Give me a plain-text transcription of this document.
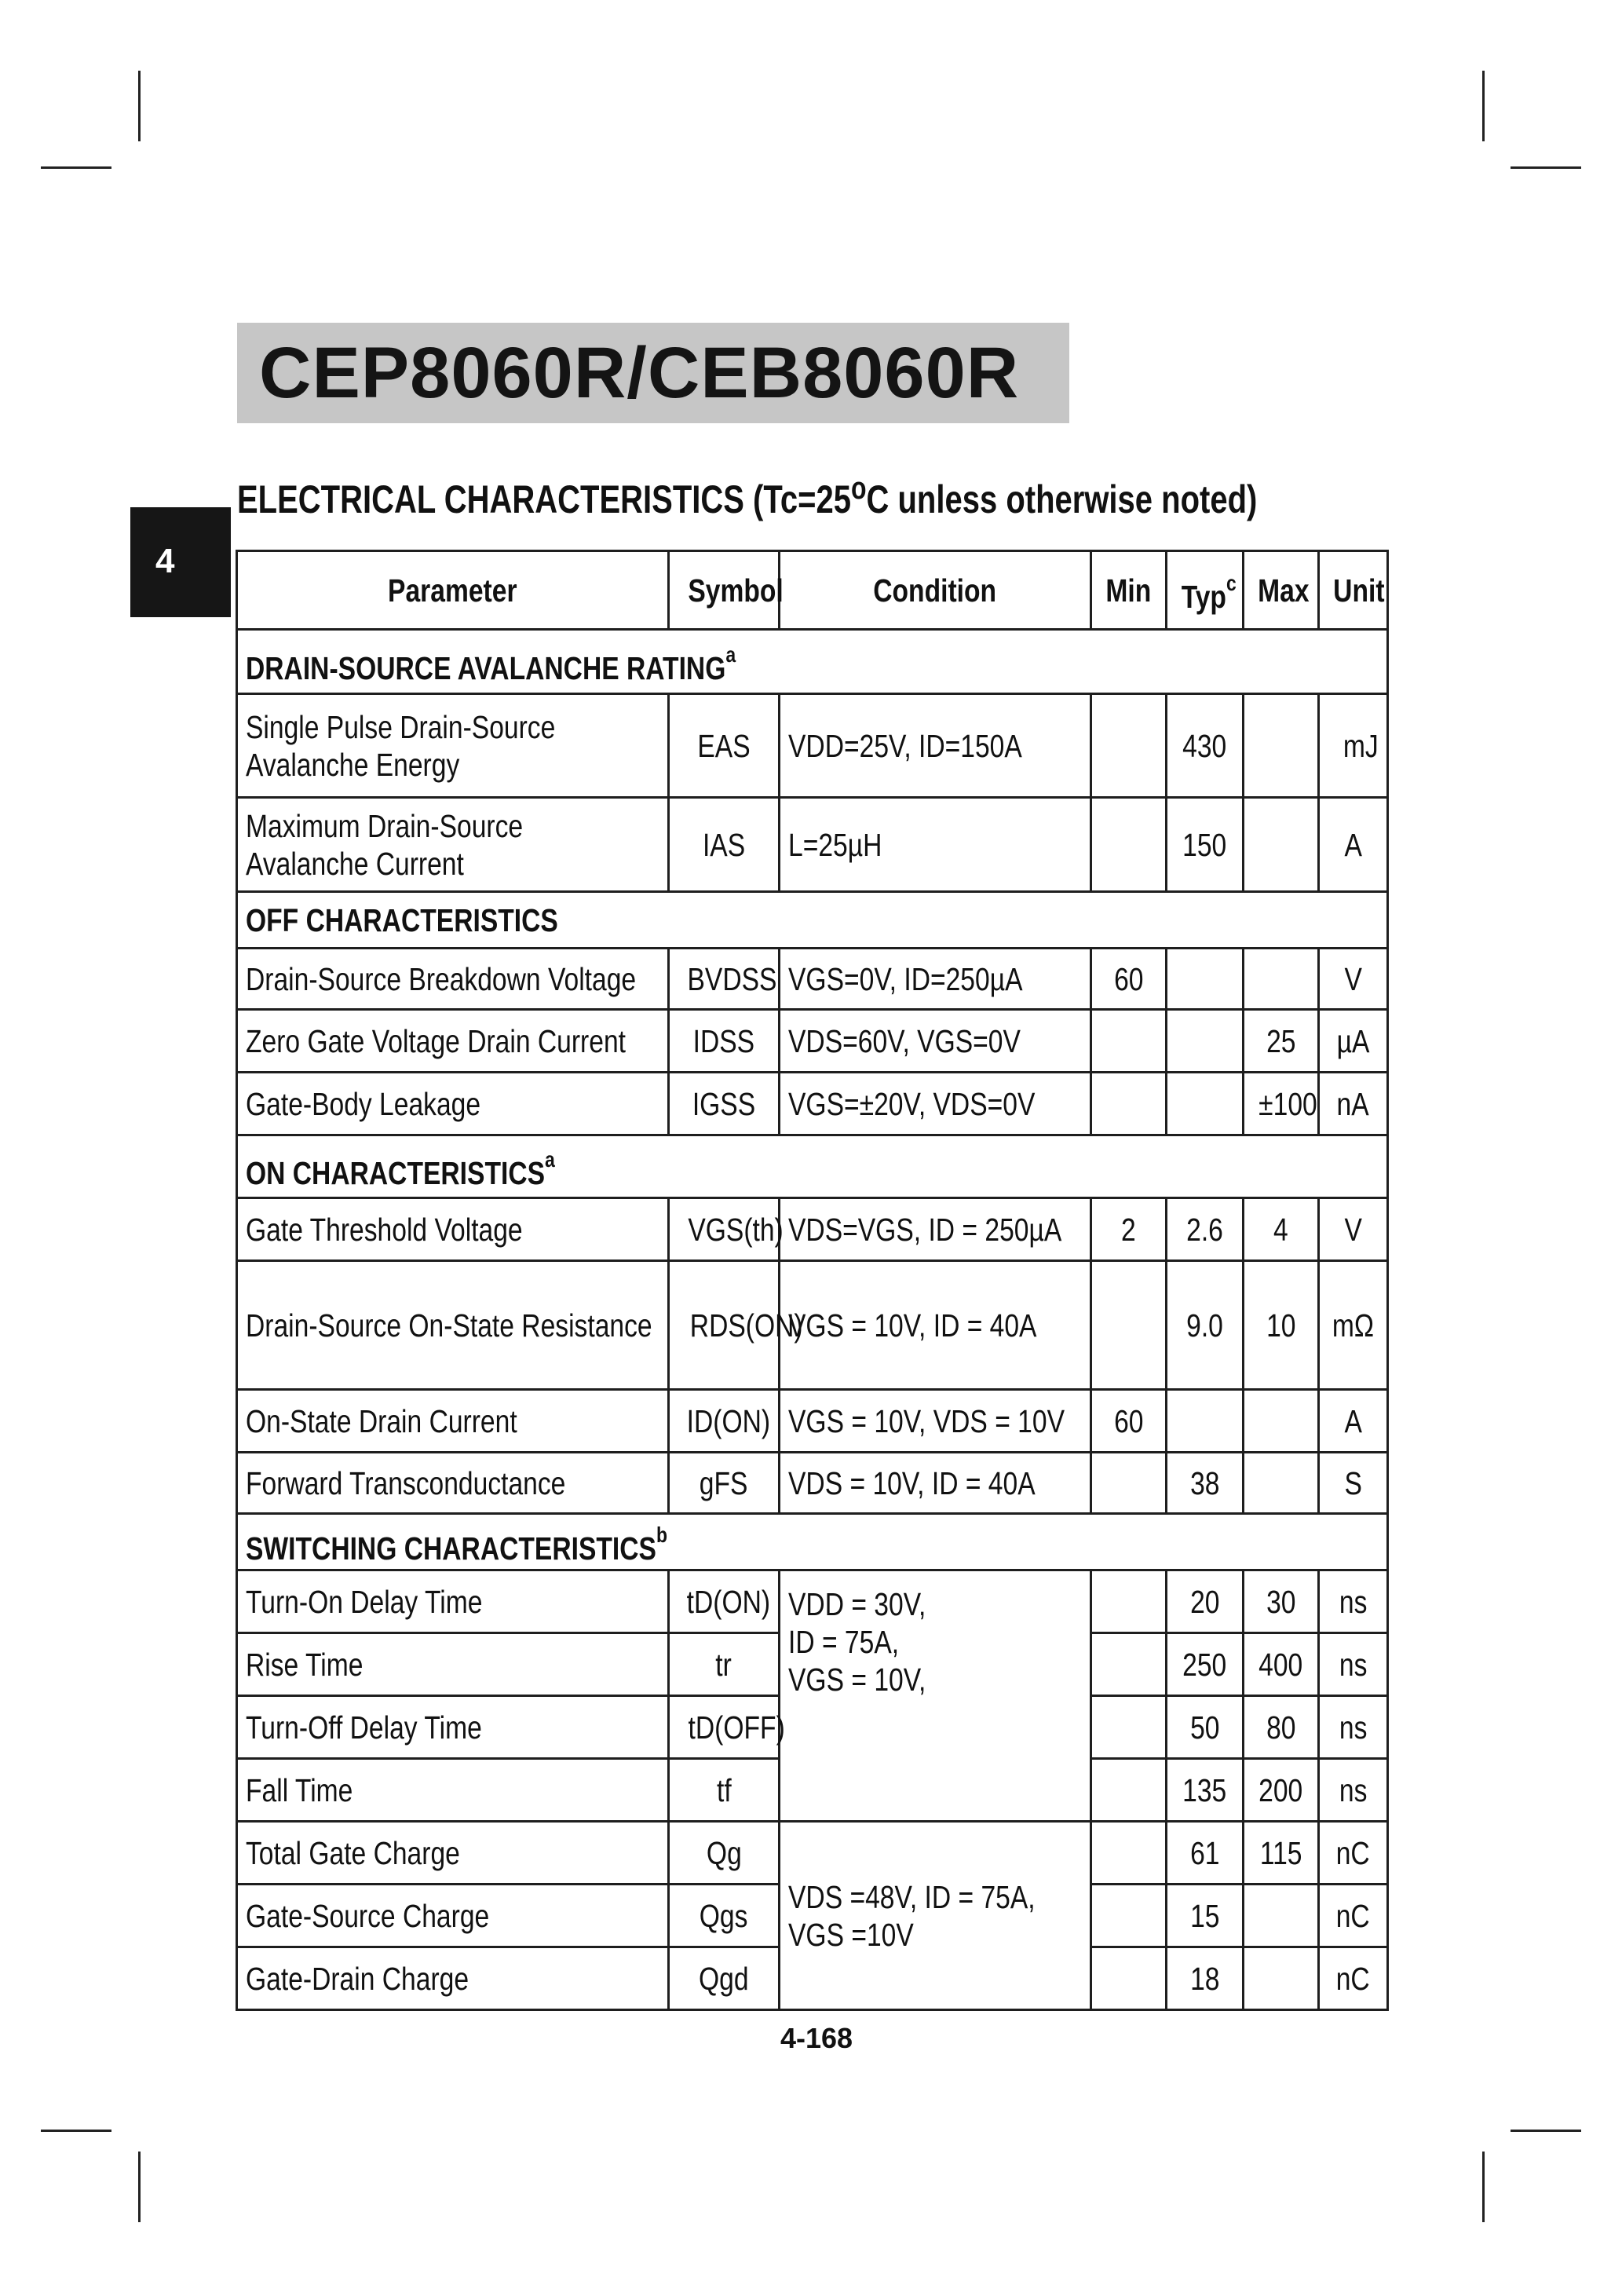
CEP8060R/CEB8060R
ELECTRICAL CHARACTERISTICS ($Tc=25^oC$ unless otherwise noted)
4
Parameter	Symbol	Condition	Min	Typ$^c$	Max	Unit
DRAIN-SOURCE AVALANCHE RATING$^a$
Single Pulse Drain-Source
Avalanche Energy	EAS	VDD=25V, ID=150A		430		mJ
Maximum Drain-Source
Avalanche Current	IAS	L=25µH		150		A
OFF CHARACTERISTICS						
Drain-Source Breakdown Voltage	BVDSS	VGS=0V, ID=250µA	60			V
Zero Gate Voltage Drain Current	IDSS	VDS=60V, VGS=0V			25	µA
Gate-Body Leakage	IGSS	VGS=±20V, VDS=0V			±100	nA
ON CHARACTERISTICS$^a$
Gate Threshold Voltage	VGS(th)	VDS=VGS, ID = 250µA	2	2.6	4	V
Drain-Source On-State Resistance	RDS(ON)	VGS = 10V, ID = 40A		9.0	10	mΩ
On-State Drain Current	ID(ON)	VGS = 10V, VDS = 10V	60			A
Forward Transconductance	gFS	VDS = 10V, ID = 40A		38		S
SWITCHING CHARACTERISTICS$^b$
Turn-On Delay Time	tD(ON)	VDD = 30V,
ID = 75A,
VGS = 10V,		20	30	ns
Rise Time	tr			250	400	ns
Turn-Off Delay Time	tD(OFF)			50	80	ns
Fall Time	tf			135	200	ns
Total Gate Charge	Qg	VDS =48V, ID = 75A,
VGS =10V		61	115	nC
Gate-Source Charge	Qgs			15		nC
Gate-Drain Charge	Qgd			18		nC
4-168
